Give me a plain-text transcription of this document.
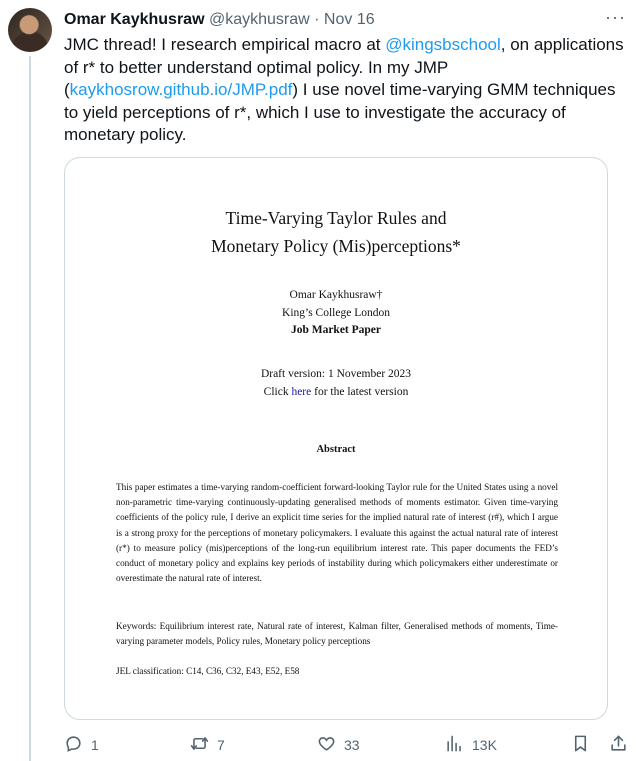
Omar Kaykhusraw @kaykhusraw · Nov 16	···
JMC thread! I research empirical macro at @kingsbschool, on applications of r* to better understand optimal policy. In my JMP (kaykhosrow.github.io/JMP.pdf) I use novel time-varying GMM techniques to yield perceptions of r*, which I use to investigate the accuracy of monetary policy.
Time-Varying Taylor Rules and
Monetary Policy (Mis)perceptions*
Omar Kaykhusraw†
King’s College London
Job Market Paper
Draft version: 1 November 2023
Click here for the latest version
Abstract
This paper estimates a time-varying random-coefficient forward-looking Taylor rule for the United States using a novel non-parametric time-varying continuously-updating generalised methods of moments estimator. Given time-varying coefficients of the policy rule, I derive an explicit time series for the implied natural rate of interest (r#), which I argue is a strong proxy for the perceptions of monetary policymakers. I evaluate this against the actual natural rate of interest (r*) to measure policy (mis)perceptions of the long-run equilibrium interest rate. This paper documents the FED’s conduct of monetary policy and explains key periods of instability during which policymakers either underestimate or overestimate the natural rate of interest.
Keywords: Equilibrium interest rate, Natural rate of interest, Kalman filter, Generalised methods of moments, Time-varying parameter models, Policy rules, Monetary policy perceptions
JEL classification: C14, C36, C32, E43, E52, E58
1	7	33	13K
